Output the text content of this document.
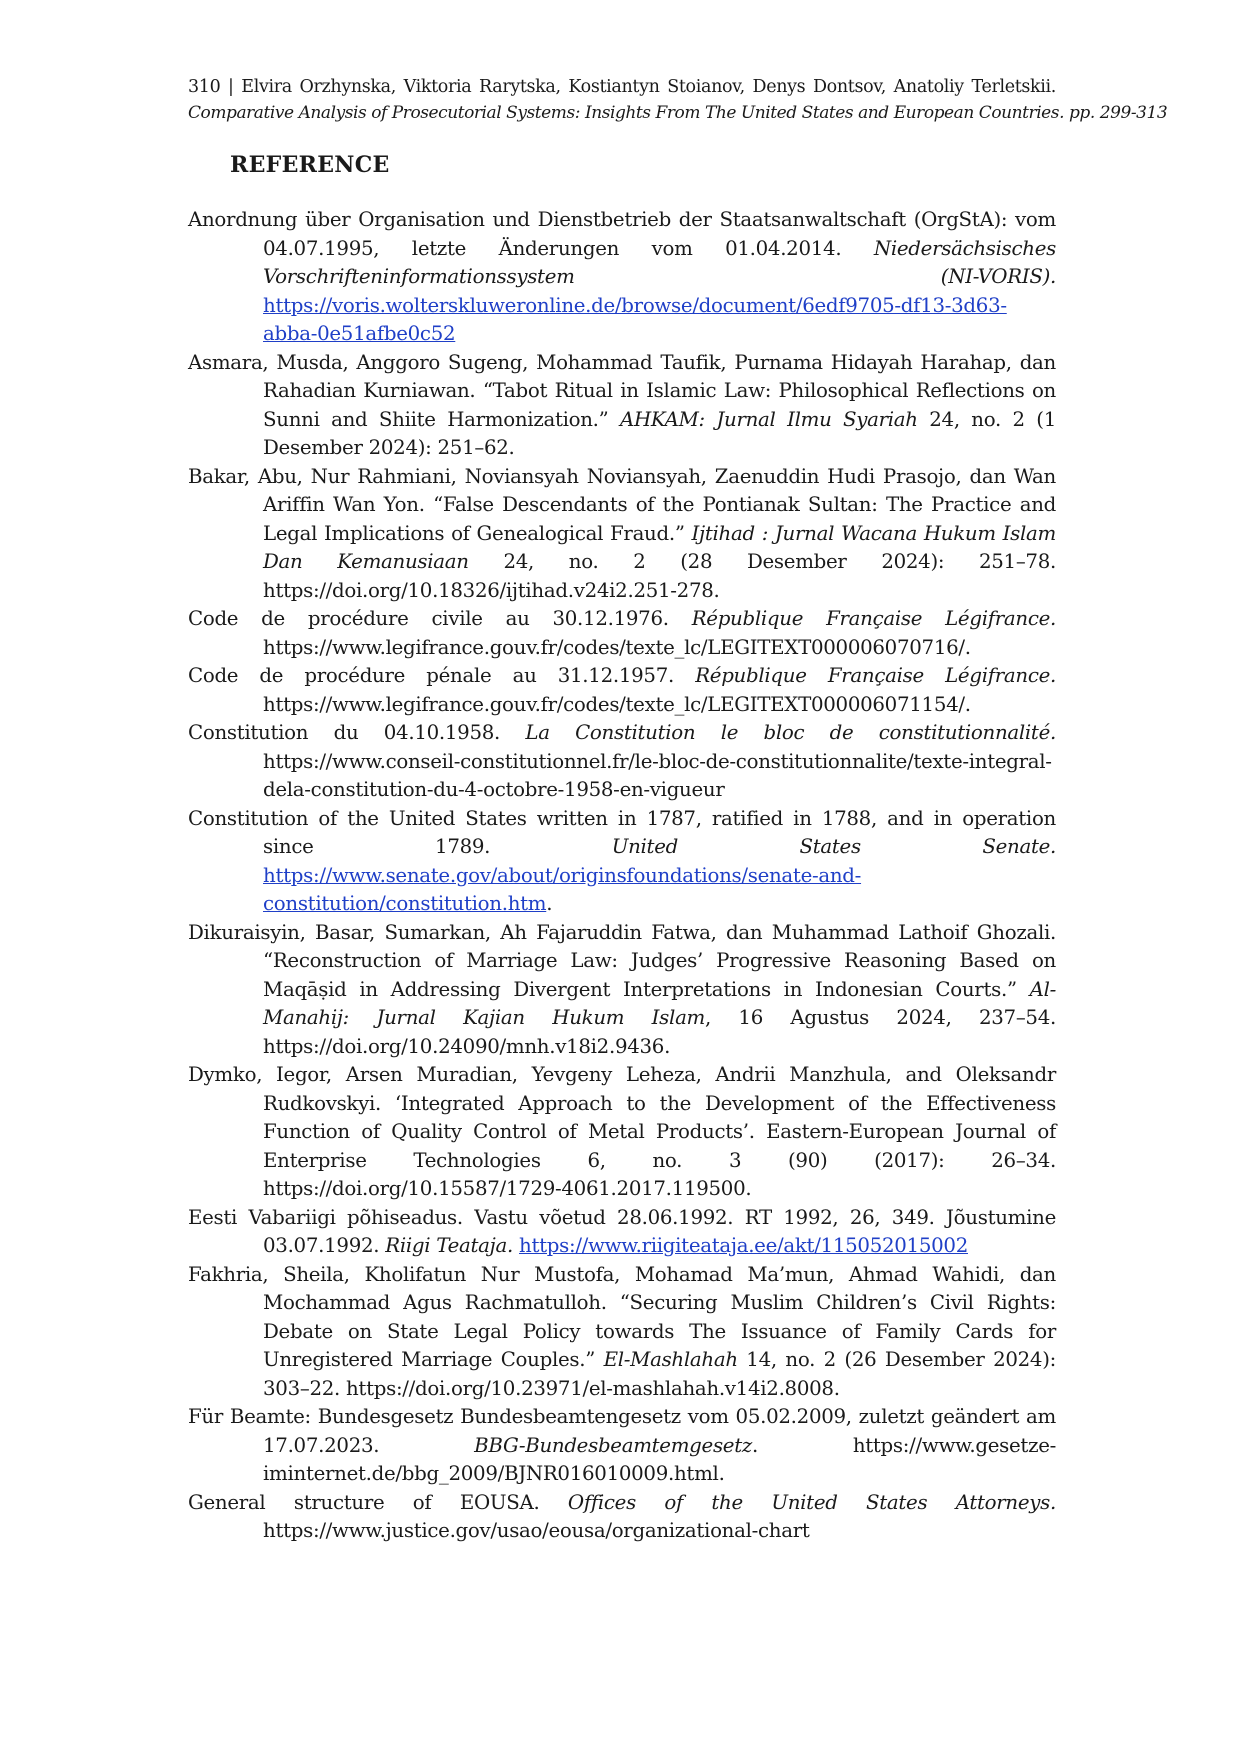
310 | Elvira Orzhynska, Viktoria Rarytska, Kostiantyn Stoianov, Denys Dontsov, Anatoliy Terletskii.
Comparative Analysis of Prosecutorial Systems: Insights From The United States and European Countries. pp. 299-313
REFERENCE

Anordnung über Organisation und Dienstbetrieb der Staatsanwaltschaft (OrgStA): vom 04.07.1995, letzte Änderungen vom 01.04.2014. Niedersächsisches Vorschrifteninformationssystem (NI-VORIS). https://voris.wolterskluweronline.de/browse/document/6edf9705-df13-3d63-abba-0e51afbe0c52

Asmara, Musda, Anggoro Sugeng, Mohammad Taufik, Purnama Hidayah Harahap, dan Rahadian Kurniawan. “Tabot Ritual in Islamic Law: Philosophical Reflections on Sunni and Shiite Harmonization.” AHKAM: Jurnal Ilmu Syariah 24, no. 2 (1 Desember 2024): 251–62.

Bakar, Abu, Nur Rahmiani, Noviansyah Noviansyah, Zaenuddin Hudi Prasojo, dan Wan Ariffin Wan Yon. “False Descendants of the Pontianak Sultan: The Practice and Legal Implications of Genealogical Fraud.” Ijtihad : Jurnal Wacana Hukum Islam Dan Kemanusiaan 24, no. 2 (28 Desember 2024): 251–78. https://doi.org/10.18326/ijtihad.v24i2.251-278.

Code de procédure civile au 30.12.1976. République Française Légifrance. https://www.legifrance.gouv.fr/codes/texte_lc/LEGITEXT000006070716/.

Code de procédure pénale au 31.12.1957. République Française Légifrance. https://www.legifrance.gouv.fr/codes/texte_lc/LEGITEXT000006071154/.

Constitution du 04.10.1958. La Constitution le bloc de constitutionnalité. https://www.conseil-constitutionnel.fr/le-bloc-de-constitutionnalite/texte-integral-dela-constitution-du-4-octobre-1958-en-vigueur

Constitution of the United States written in 1787, ratified in 1788, and in operation since 1789. United States Senate. https://www.senate.gov/about/originsfoundations/senate-and-constitution/constitution.htm.

Dikuraisyin, Basar, Sumarkan, Ah Fajaruddin Fatwa, dan Muhammad Lathoif Ghozali. “Reconstruction of Marriage Law: Judges’ Progressive Reasoning Based on Maqāṣid in Addressing Divergent Interpretations in Indonesian Courts.” Al-Manahij: Jurnal Kajian Hukum Islam, 16 Agustus 2024, 237–54. https://doi.org/10.24090/mnh.v18i2.9436.

Dymko, Iegor, Arsen Muradian, Yevgeny Leheza, Andrii Manzhula, and Oleksandr Rudkovskyi. ‘Integrated Approach to the Development of the Effectiveness Function of Quality Control of Metal Products’. Eastern-European Journal of Enterprise Technologies 6, no. 3 (90) (2017): 26–34. https://doi.org/10.15587/1729-4061.2017.119500.

Eesti Vabariigi põhiseadus. Vastu võetud 28.06.1992. RT 1992, 26, 349. Jõustumine 03.07.1992. Riigi Teataja. https://www.riigiteataja.ee/akt/115052015002

Fakhria, Sheila, Kholifatun Nur Mustofa, Mohamad Ma’mun, Ahmad Wahidi, dan Mochammad Agus Rachmatulloh. “Securing Muslim Children’s Civil Rights: Debate on State Legal Policy towards The Issuance of Family Cards for Unregistered Marriage Couples.” El-Mashlahah 14, no. 2 (26 Desember 2024): 303–22. https://doi.org/10.23971/el-mashlahah.v14i2.8008.

Für Beamte: Bundesgesetz Bundesbeamtengesetz vom 05.02.2009, zuletzt geändert am 17.07.2023. BBG-Bundesbeamtemgesetz. https://www.gesetze-iminternet.de/bbg_2009/BJNR016010009.html.

General structure of EOUSA. Offices of the United States Attorneys. https://www.justice.gov/usao/eousa/organizational-chart
